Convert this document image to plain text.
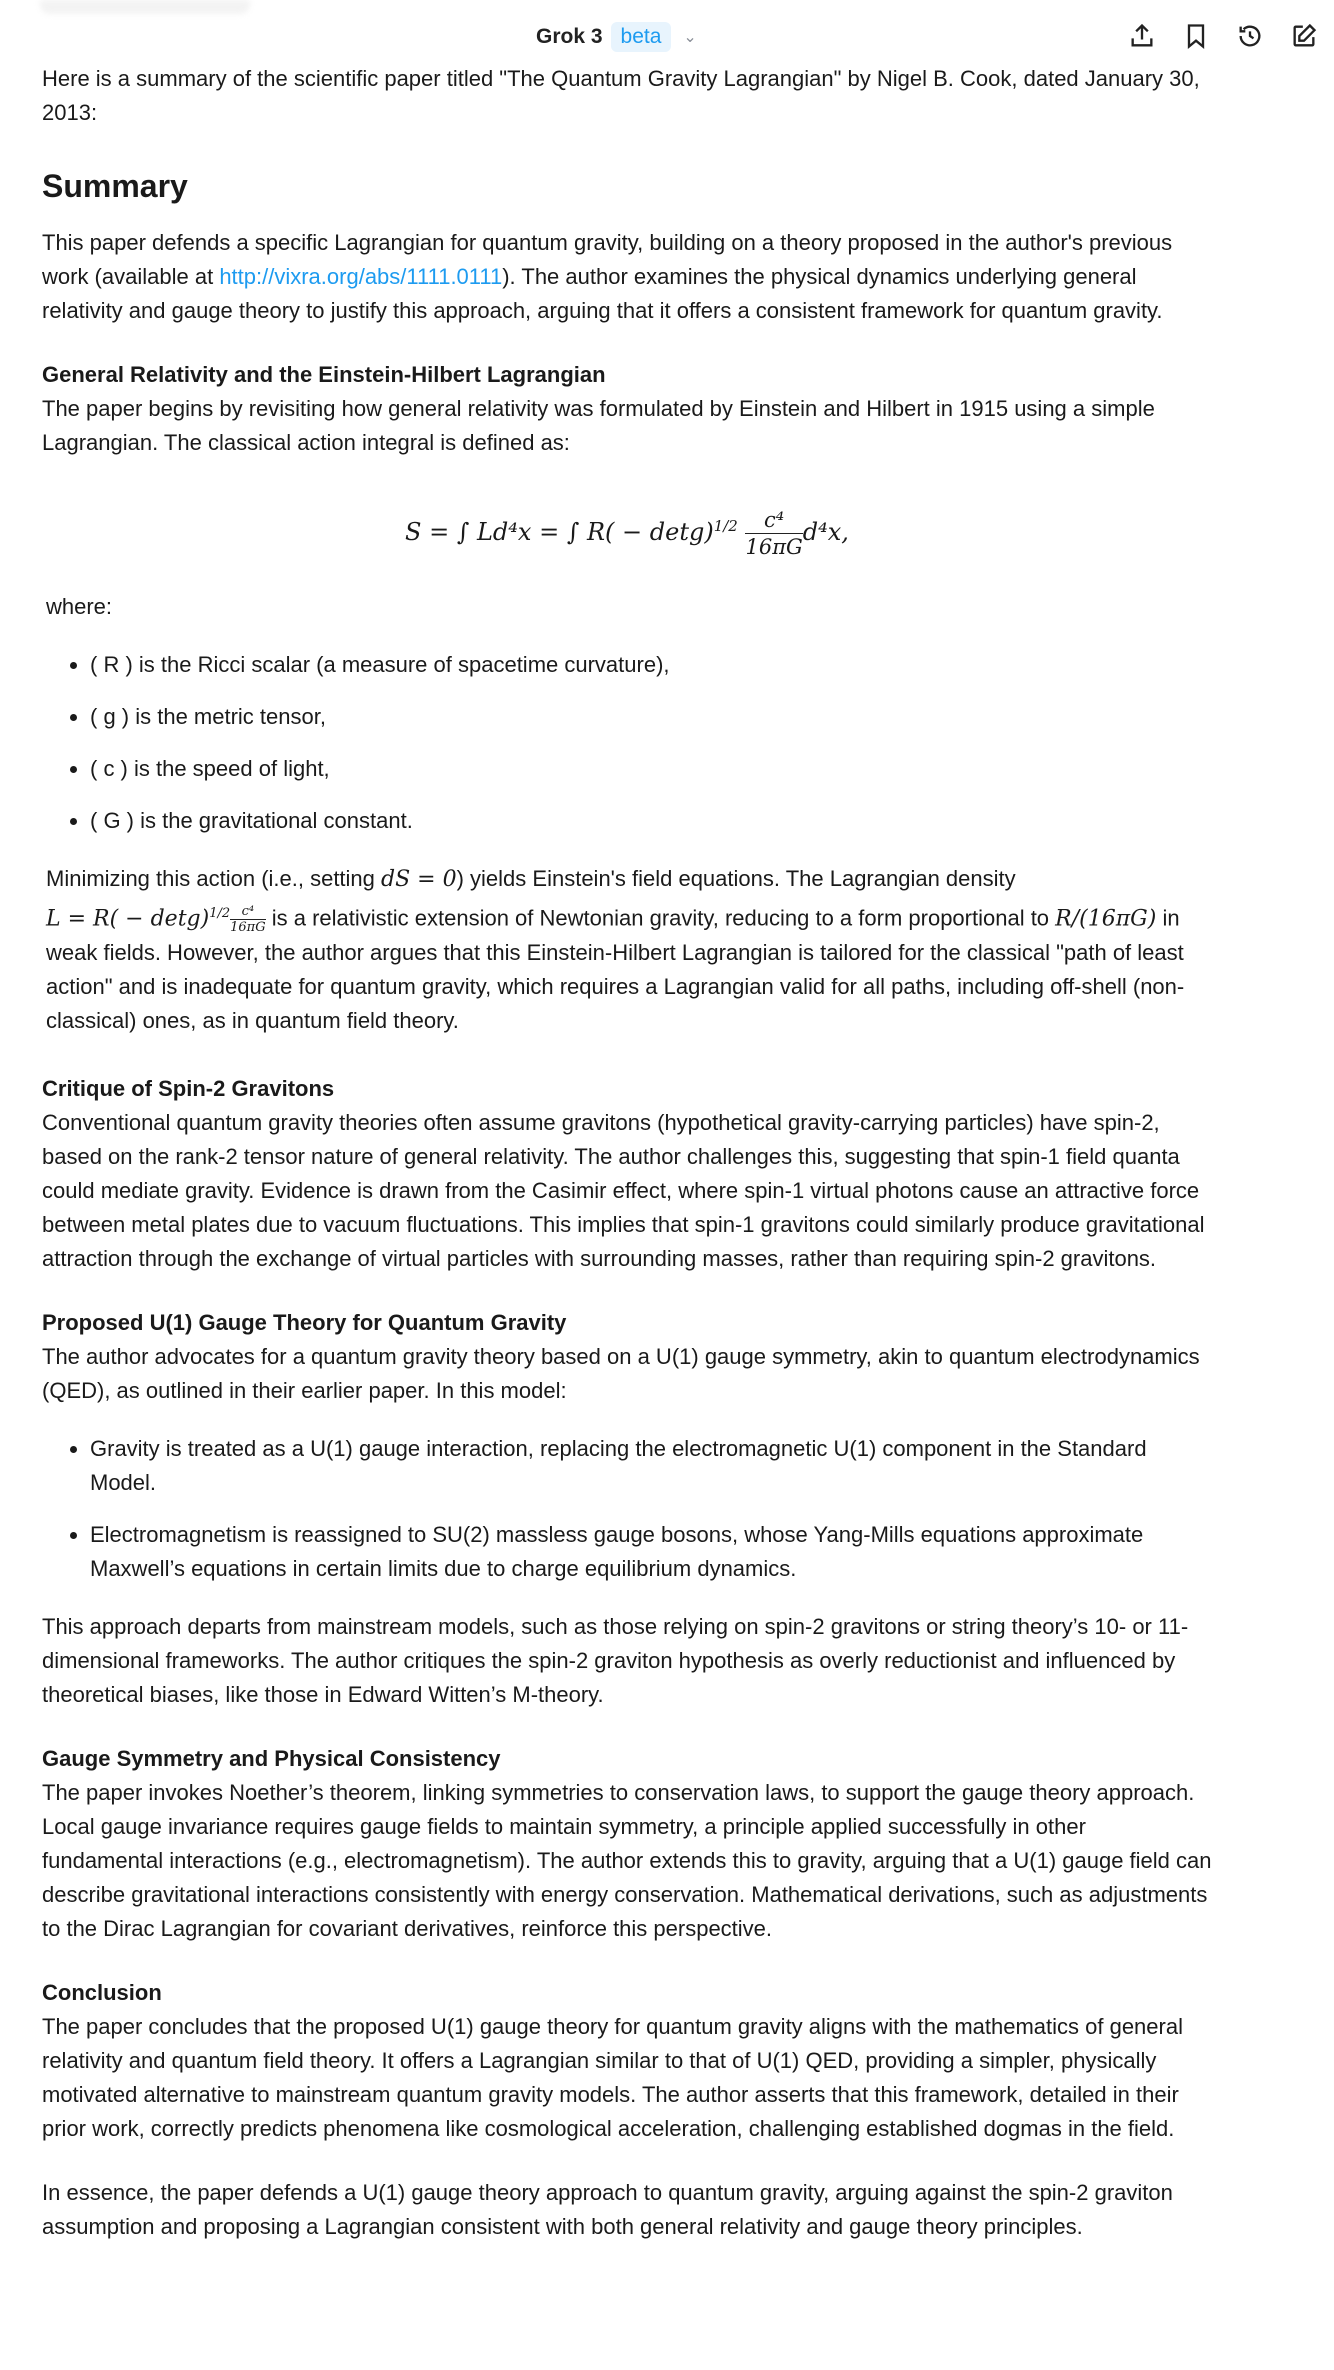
Grok 3 beta	⌄

Here is a summary of the scientific paper titled "The Quantum Gravity Lagrangian" by Nigel B. Cook, dated January 30, 2013:

Summary

This paper defends a specific Lagrangian for quantum gravity, building on a theory proposed in the author's previous work (available at http://vixra.org/abs/1111.0111). The author examines the physical dynamics underlying general relativity and gauge theory to justify this approach, arguing that it offers a consistent framework for quantum gravity.

General Relativity and the Einstein-Hilbert Lagrangian

The paper begins by revisiting how general relativity was formulated by Einstein and Hilbert in 1915 using a simple Lagrangian. The classical action integral is defined as:

S = ∫ Ld⁴x = ∫ $R( - \det g)^{1/2} \frac{\text{c⁴}}{16\pi G}d^4x$,

where:

• ( R ) is the Ricci scalar (a measure of spacetime curvature),
• ( g ) is the metric tensor,
• ( c ) is the speed of light,
• ( G ) is the gravitational constant.

Minimizing this action (i.e., setting dS = 0) yields Einstein's field equations. The Lagrangian density
$L = R( - \det g)^{1/2} \frac{\text{c⁴}}{16\pi G}$ is a relativistic extension of Newtonian gravity, reducing to a form proportional to R/(16πG) in weak fields. However, the author argues that this Einstein-Hilbert Lagrangian is tailored for the classical "path of least action" and is inadequate for quantum gravity, which requires a Lagrangian valid for all paths, including off-shell (non-classical) ones, as in quantum field theory.

Critique of Spin-2 Gravitons

Conventional quantum gravity theories often assume gravitons (hypothetical gravity-carrying particles) have spin-2, based on the rank-2 tensor nature of general relativity. The author challenges this, suggesting that spin-1 field quanta could mediate gravity. Evidence is drawn from the Casimir effect, where spin-1 virtual photons cause an attractive force between metal plates due to vacuum fluctuations. This implies that spin-1 gravitons could similarly produce gravitational attraction through the exchange of virtual particles with surrounding masses, rather than requiring spin-2 gravitons.

Proposed U(1) Gauge Theory for Quantum Gravity

The author advocates for a quantum gravity theory based on a U(1) gauge symmetry, akin to quantum electrodynamics (QED), as outlined in their earlier paper. In this model:

• Gravity is treated as a U(1) gauge interaction, replacing the electromagnetic U(1) component in the Standard Model.
• Electromagnetism is reassigned to SU(2) massless gauge bosons, whose Yang-Mills equations approximate Maxwell’s equations in certain limits due to charge equilibrium dynamics.

This approach departs from mainstream models, such as those relying on spin-2 gravitons or string theory’s 10- or 11-dimensional frameworks. The author critiques the spin-2 graviton hypothesis as overly reductionist and influenced by theoretical biases, like those in Edward Witten’s M-theory.

Gauge Symmetry and Physical Consistency

The paper invokes Noether’s theorem, linking symmetries to conservation laws, to support the gauge theory approach. Local gauge invariance requires gauge fields to maintain symmetry, a principle applied successfully in other fundamental interactions (e.g., electromagnetism). The author extends this to gravity, arguing that a U(1) gauge field can describe gravitational interactions consistently with energy conservation. Mathematical derivations, such as adjustments to the Dirac Lagrangian for covariant derivatives, reinforce this perspective.

Conclusion

The paper concludes that the proposed U(1) gauge theory for quantum gravity aligns with the mathematics of general relativity and quantum field theory. It offers a Lagrangian similar to that of U(1) QED, providing a simpler, physically motivated alternative to mainstream quantum gravity models. The author asserts that this framework, detailed in their prior work, correctly predicts phenomena like cosmological acceleration, challenging established dogmas in the field.

In essence, the paper defends a U(1) gauge theory approach to quantum gravity, arguing against the spin-2 graviton assumption and proposing a Lagrangian consistent with both general relativity and gauge theory principles.
